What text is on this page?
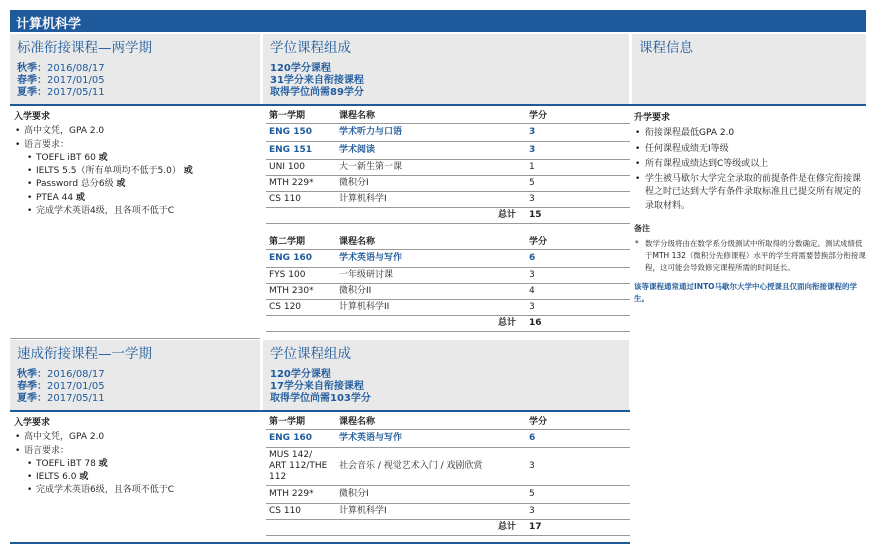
计算机科学
标准衔接课程—两学期
秋季：2016/08/17
春季：2017/01/05
夏季：2017/05/11
学位课程组成
120学分课程
31学分来自衔接课程
取得学位尚需89学分
课程信息
入学要求
• 高中文凭，GPA 2.0
• 语言要求：
• TOEFL iBT 60 或
• IELTS 5.5（所有单项均不低于5.0） 或
• Password 总分6级 或
• PTEA 44 或
• 完成学术英语4级，且各项不低于C
第一学期	课程名称	学分
ENG 150	学术听力与口语	3
ENG 151	学术阅读	3
UNI 100	大一新生第一课	1
MTH 229*	微积分I	5
CS 110	计算机科学I	3
	总计	15
第二学期	课程名称	学分
ENG 160	学术英语与写作	6
FYS 100	一年级研讨课	3
MTH 230*	微积分II	4
CS 120	计算机科学II	3
	总计	16
升学要求
• 衔接课程最低GPA 2.0
• 任何课程成绩无I等级
• 所有课程成绩达到C等级或以上
• 学生被马歇尔大学完全录取的前提条件是在修完衔接课程之时已达到大学有条件录取标准且已提交所有规定的录取材料。
备注
* 数学分级将由在数学系分级测试中所取得的分数确定。测试成绩低于MTH 132（微积分先修课程）水平的学生将需要替换部分衔接课程，这可能会导致修完课程所需的时间延长。
该等课程通常通过INTO马歇尔大学中心授课且仅面向衔接课程的学生。
速成衔接课程—一学期
秋季：2016/08/17
春季：2017/01/05
夏季：2017/05/11
学位课程组成
120学分课程
17学分来自衔接课程
取得学位尚需103学分
入学要求
• 高中文凭，GPA 2.0
• 语言要求：
• TOEFL iBT 78 或
• IELTS 6.0 或
• 完成学术英语6级，且各项不低于C
第一学期	课程名称	学分
ENG 160	学术英语与写作	6
MUS 142/
ART 112/THE
112	社会音乐 / 视觉艺术入门 / 戏剧欣赏	3
MTH 229*	微积分I	5
CS 110	计算机科学I	3
	总计	17
